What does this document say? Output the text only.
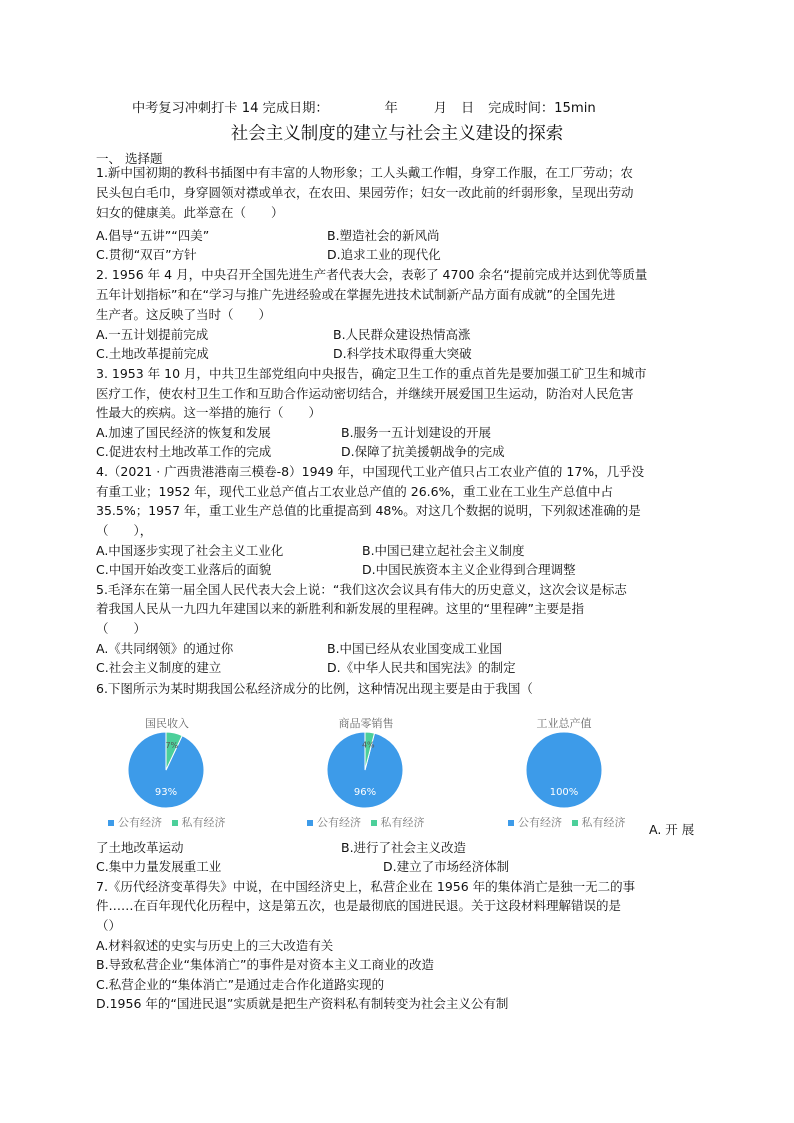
中考复习冲刺打卡 14 完成日期：	年	月 日 完成时间：15min
社会主义制度的建立与社会主义建设的探索
一、 选择题
1.新中国初期的教科书插图中有丰富的人物形象；工人头戴工作帽，身穿工作服，在工厂劳动；农
民头包白毛巾，身穿圆领对襟或单衣，在农田、果园劳作；妇女一改此前的纤弱形象，呈现出劳动
妇女的健康美。此举意在（　　）
A.倡导“五讲”“四美”	B.塑造社会的新风尚
C.贯彻“双百”方针	D.追求工业的现代化
2. 1956 年 4 月，中央召开全国先进生产者代表大会，表彰了 4700 余名“提前完成并达到优等质量
五年计划指标”和在“学习与推广先进经验或在掌握先进技术试制新产品方面有成就”的全国先进
生产者。这反映了当时（　　）
A.一五计划提前完成	B.人民群众建设热情高涨
C.土地改革提前完成	D.科学技术取得重大突破
3. 1953 年 10 月，中共卫生部党组向中央报告，确定卫生工作的重点首先是要加强工矿卫生和城市
医疗工作，使农村卫生工作和互助合作运动密切结合，并继续开展爱国卫生运动，防治对人民危害
性最大的疾病。这一举措的施行（　　）
A.加速了国民经济的恢复和发展	B.服务一五计划建设的开展
C.促进农村土地改革工作的完成	D.保障了抗美援朝战争的完成
4.（2021 · 广西贵港港南三模卷-8）1949 年，中国现代工业产值只占工农业产值的 17%，几乎没
有重工业；1952 年，现代工业总产值占工农业总产值的 26.6%，重工业在工业生产总值中占
35.5%；1957 年，重工业生产总值的比重提高到 48%。对这几个数据的说明，下列叙述准确的是
（　　），
A.中国逐步实现了社会主义工业化	B.中国已建立起社会主义制度
C.中国开始改变工业落后的面貌	D.中国民族资本主义企业得到合理调整
5.毛泽东在第一届全国人民代表大会上说：“我们这次会议具有伟大的历史意义，这次会议是标志
着我国人民从一九四九年建国以来的新胜利和新发展的里程碑。这里的“里程碑”主要是指
（　　）
A.《共同纲领》的通过你	B.中国已经从农业国变成工业国
C.社会主义制度的建立	D.《中华人民共和国宪法》的制定
6.下图所示为某时期我国公私经济成分的比例，这种情况出现主要是由于我国（
A. 开 展
了土地改革运动	B.进行了社会主义改造
C.集中力量发展重工业	D.建立了市场经济体制
7.《历代经济变革得失》中说，在中国经济史上，私营企业在 1956 年的集体消亡是独一无二的事
件……在百年现代化历程中，这是第五次，也是最彻底的国进民退。关于这段材料理解错误的是
（）
A.材料叙述的史实与历史上的三大改造有关
B.导致私营企业“集体消亡”的事件是对资本主义工商业的改造
C.私营企业的“集体消亡”是通过走合作化道路实现的
D.1956 年的“国进民退”实质就是把生产资料私有制转变为社会主义公有制
国民收入	商品零销售	工业总产值
93%
7%
96%
4%
100%
公有经济 私有经济	公有经济 私有经济	公有经济 私有经济
